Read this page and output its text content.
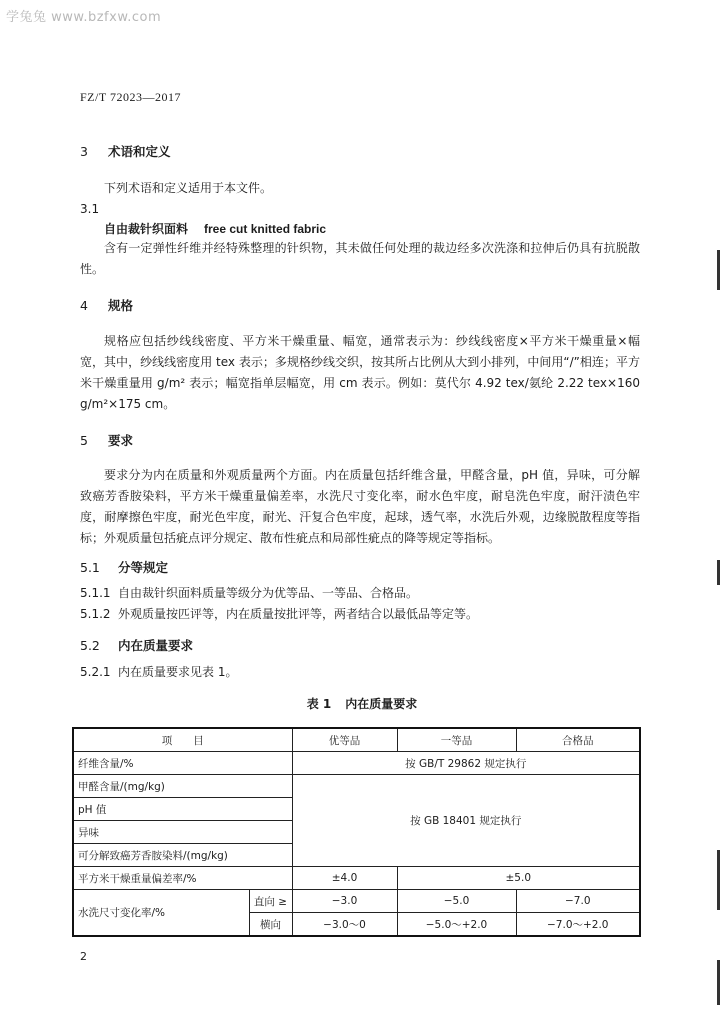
学兔兔 www.bzfxw.com
FZ/T 72023—2017
3 术语和定义
下列术语和定义适用于本文件。
3.1
自由裁针织面料 free cut knitted fabric
含有一定弹性纤维并经特殊整理的针织物，其未做任何处理的裁边经多次洗涤和拉伸后仍具有抗脱散性。
4 规格
规格应包括纱线线密度、平方米干燥重量、幅宽，通常表示为：纱线线密度×平方米干燥重量×幅宽，其中，纱线线密度用 tex 表示；多规格纱线交织，按其所占比例从大到小排列，中间用“/”相连；平方米干燥重量用 g/m² 表示；幅宽指单层幅宽，用 cm 表示。例如：莫代尔 4.92 tex/氨纶 2.22 tex×160 g/m²×175 cm。
5 要求
要求分为内在质量和外观质量两个方面。内在质量包括纤维含量，甲醛含量，pH 值，异味，可分解致癌芳香胺染料，平方米干燥重量偏差率，水洗尺寸变化率，耐水色牢度，耐皂洗色牢度，耐汗渍色牢度，耐摩擦色牢度，耐光色牢度，耐光、汗复合色牢度，起球，透气率，水洗后外观，边缘脱散程度等指标；外观质量包括疵点评分规定、散布性疵点和局部性疵点的降等规定等指标。
5.1 分等规定
5.1.1 自由裁针织面料质量等级分为优等品、一等品、合格品。
5.1.2 外观质量按匹评等，内在质量按批评等，两者结合以最低品等定等。
5.2 内在质量要求
5.2.1 内在质量要求见表 1。
表 1 内在质量要求
项　　目		优等品	一等品	合格品
纤维含量/%		按 GB/T 29862 规定执行		
甲醛含量/(mg/kg)		按 GB 18401 规定执行		
pH 值				
异味				
可分解致癌芳香胺染料/(mg/kg)				
平方米干燥重量偏差率/%		±4.0	±5.0	
水洗尺寸变化率/%	直向 ≥	−3.0	−5.0	−7.0
	横向	−3.0～0	−5.0～+2.0	−7.0～+2.0
2
